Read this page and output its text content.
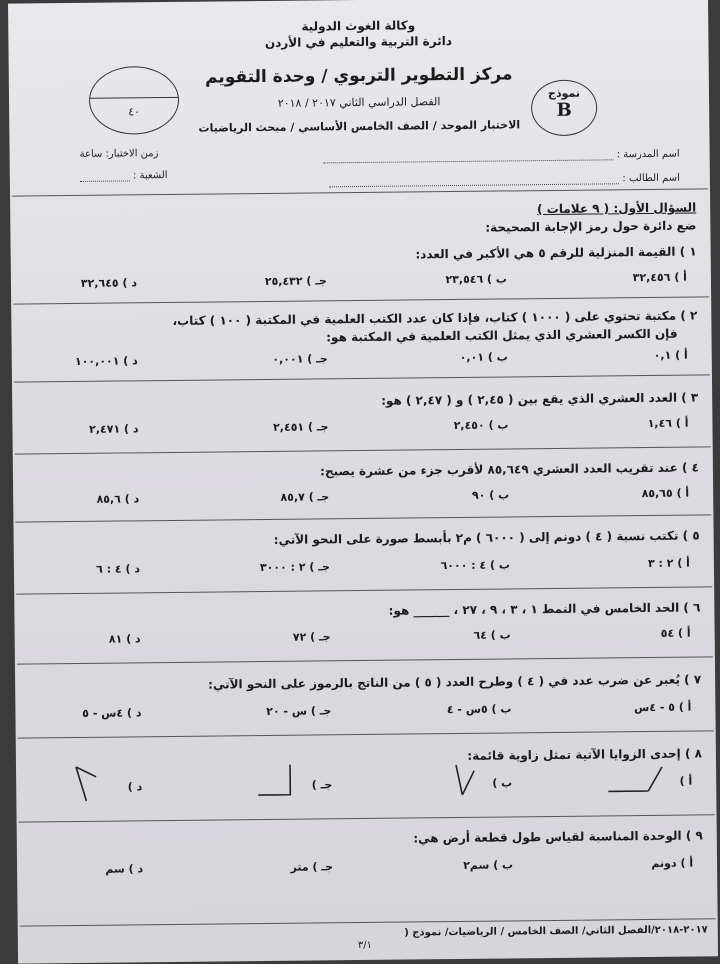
وكالة الغوث الدولية
دائرة التربية والتعليم في الأردن
مركز التطوير التربوي / وحدة التقويم
الفصل الدراسي الثاني ٢٠١٧ / ٢٠١٨
الاختبار الموحد / الصف الخامس الأساسي / مبحث الرياضيات
نموذج
B
٤٠
اسم المدرسة :
اسم الطالب :
زمن الاختبار: ساعة
الشعبة :
السؤال الأول: ( ٩ علامات )
ضع دائرة حول رمز الإجابة الصحيحة:
١ ) القيمة المنزلية للرقم ٥ هي الأكبر في العدد:
أ ) ٣٢,٤٥٦
ب ) ٢٣,٥٤٦
جـ ) ٢٥,٤٣٢
د ) ٣٢,٦٤٥
٢ ) مكتبة تحتوي على ( ١٠٠٠ ) كتاب، فإذا كان عدد الكتب العلمية في المكتبة ( ١٠٠ ) كتاب،
فإن الكسر العشري الذي يمثل الكتب العلمية في المكتبة هو:
أ ) ٠,١
ب ) ٠,٠١
جـ ) ٠,٠٠١
د ) ١٠٠,٠٠١
٣ ) العدد العشري الذي يقع بين ( ٢,٤٥ ) و ( ٢,٤٧ ) هو:
أ ) ١,٤٦
ب ) ٢,٤٥٠
جـ ) ٢,٤٥١
د ) ٢,٤٧١
٤ ) عند تقريب العدد العشري ٨٥,٦٤٩ لأقرب جزء من عشرة يصبح:
أ ) ٨٥,٦٥
ب ) ٩٠
جـ ) ٨٥,٧
د ) ٨٥,٦
٥ ) تكتب نسبة ( ٤ ) دونم إلى ( ٦٠٠٠ ) م٢ بأبسط صورة على النحو الآتي:
أ ) ٢ : ٣
ب ) ٤ : ٦٠٠٠
جـ ) ٢ : ٣٠٠٠
د ) ٤ : ٦
٦ ) الحد الخامس في النمط ١ ، ٣ ، ٩ ، ٢٧ ، ______ هو:
أ ) ٥٤
ب ) ٦٤
جـ ) ٧٢
د ) ٨١
٧ ) يُعبر عن ضرب عدد في ( ٤ ) وطرح العدد ( ٥ ) من الناتج بالرموز على النحو الآتي:
أ ) ٥ - ٤س
ب ) ٥س - ٤
جـ ) س - ٢٠
د ) ٤س - ٥
٨ ) إحدى الزوايا الآتية تمثل زاوية قائمة:
أ )
ب )
جـ )
د )
٩ ) الوحدة المناسبة لقياس طول قطعة أرض هي:
أ ) دونم
ب ) سم٢
جـ ) متر
د ) سم
٢٠١٧-٢٠١٨/الفصل الثاني/ الصف الخامس / الرياضيات/ نموذج (
٣/١
